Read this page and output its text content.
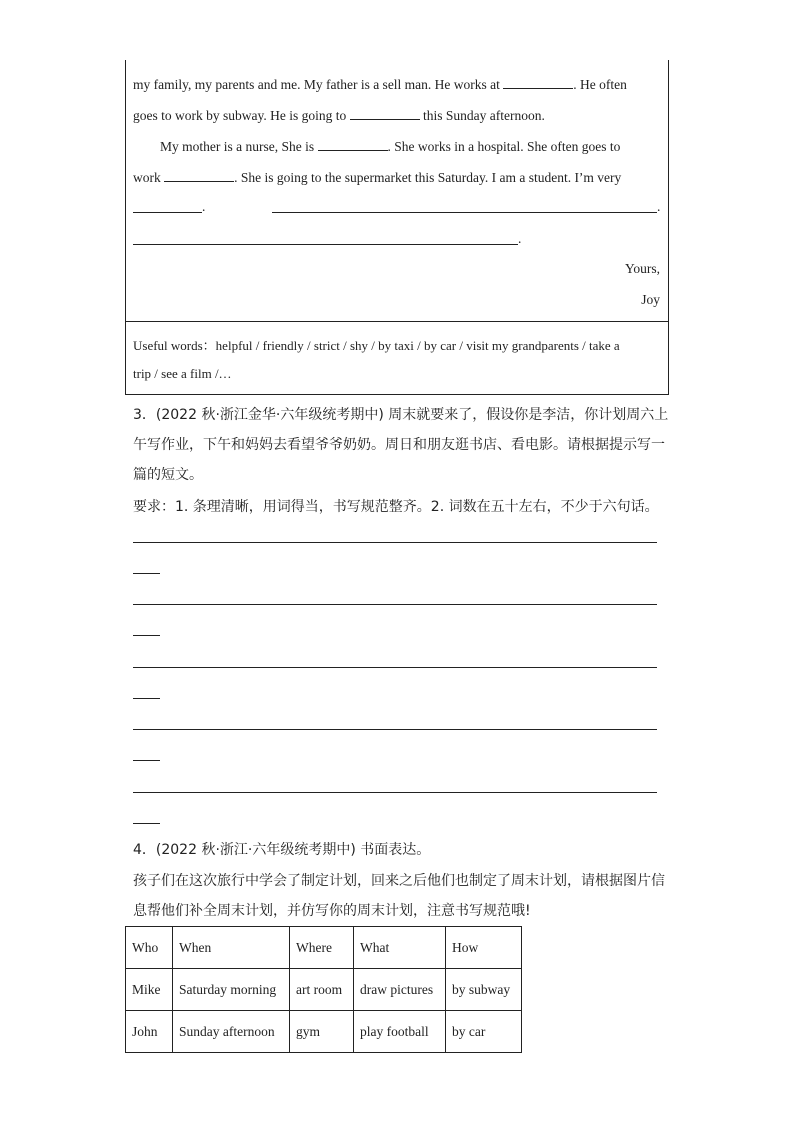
my family, my parents and me. My father is a sell man. He works at	. He often
goes to work by subway. He is going to	this Sunday afternoon.
My mother is a nurse, She is	. She works in a hospital. She often goes to
work	. She is going to the supermarket this Saturday. I am a student. I’m very
.	.
.
Yours,
Joy
Useful words：helpful / friendly / strict / shy / by taxi / by car / visit my grandparents / take a
trip / see a film /…
3．(2022 秋·浙江金华·六年级统考期中) 周末就要来了，假设你是李洁，你计划周六上
午写作业，下午和妈妈去看望爷爷奶奶。周日和朋友逛书店、看电影。请根据提示写一
篇的短文。
要求：1. 条理清晰，用词得当，书写规范整齐。2. 词数在五十左右，不少于六句话。
4．(2022 秋·浙江·六年级统考期中) 书面表达。
孩子们在这次旅行中学会了制定计划，回来之后他们也制定了周末计划，请根据图片信
息帮他们补全周末计划，并仿写你的周末计划，注意书写规范哦!
Who	When	Where	What	How
Mike	Saturday morning	art room	draw pictures	by subway
John	Sunday afternoon	gym	play football	by car
